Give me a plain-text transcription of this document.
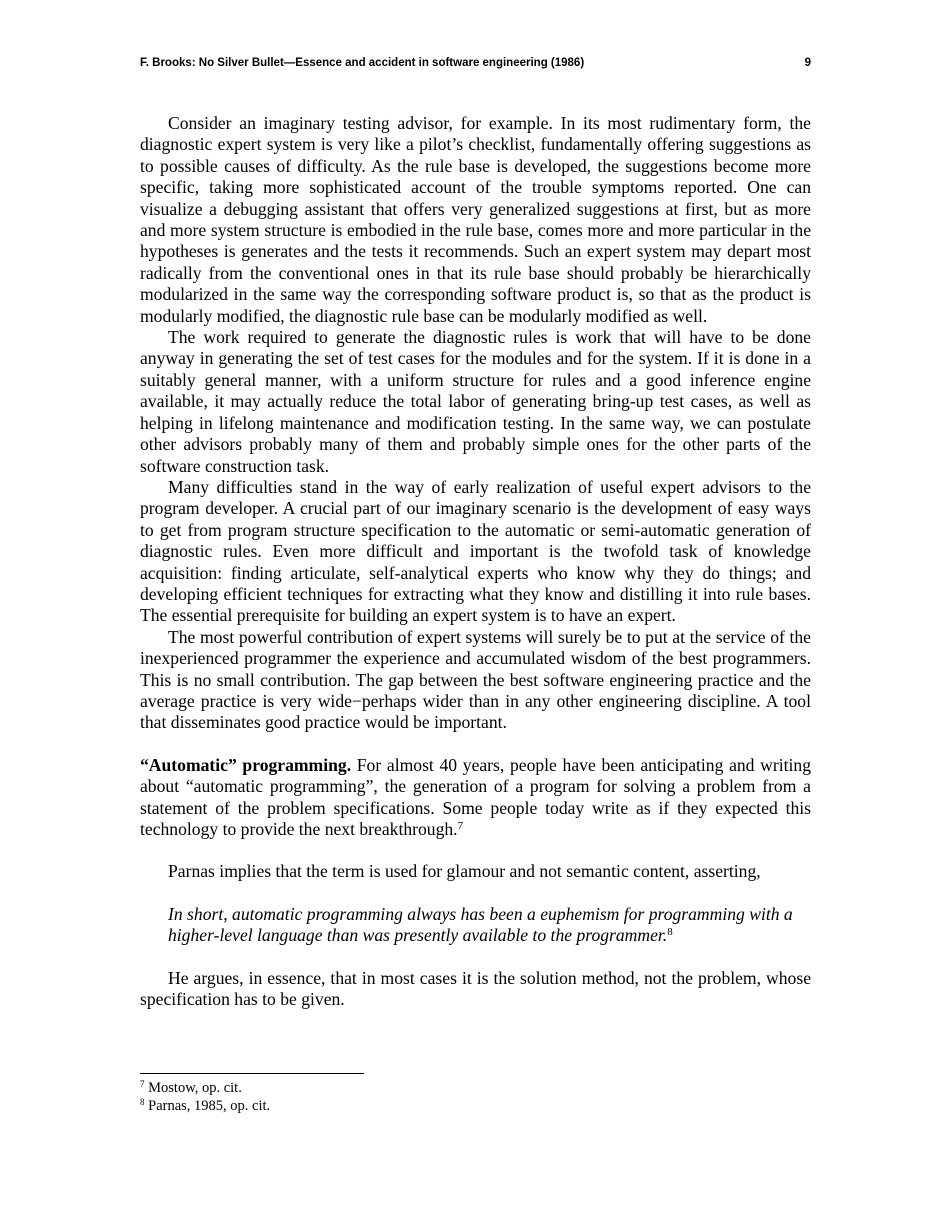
F. Brooks: No Silver Bullet—Essence and accident in software engineering (1986)	9

Consider an imaginary testing advisor, for example. In its most rudimentary form, the diagnostic expert system is very like a pilot’s checklist, fundamentally offering suggestions as to possible causes of difficulty. As the rule base is developed, the suggestions become more specific, taking more sophisticated account of the trouble symptoms reported. One can visualize a debugging assistant that offers very generalized suggestions at first, but as more and more system structure is embodied in the rule base, comes more and more particular in the hypotheses is generates and the tests it recommends. Such an expert system may depart most radically from the conventional ones in that its rule base should probably be hierarchically modularized in the same way the corresponding software product is, so that as the product is modularly modified, the diagnostic rule base can be modularly modified as well.

The work required to generate the diagnostic rules is work that will have to be done anyway in generating the set of test cases for the modules and for the system. If it is done in a suitably general manner, with a uniform structure for rules and a good inference engine available, it may actually reduce the total labor of generating bring-up test cases, as well as helping in lifelong maintenance and modification testing. In the same way, we can postulate other advisors probably many of them and probably simple ones for the other parts of the software construction task.

Many difficulties stand in the way of early realization of useful expert advisors to the program developer. A crucial part of our imaginary scenario is the development of easy ways to get from program structure specification to the automatic or semi-automatic generation of diagnostic rules. Even more difficult and important is the twofold task of knowledge acquisition: finding articulate, self-analytical experts who know why they do things; and developing efficient techniques for extracting what they know and distilling it into rule bases. The essential prerequisite for building an expert system is to have an expert.

The most powerful contribution of expert systems will surely be to put at the service of the inexperienced programmer the experience and accumulated wisdom of the best programmers. This is no small contribution. The gap between the best software engineering practice and the average practice is very wide−perhaps wider than in any other engineering discipline. A tool that disseminates good practice would be important.

“Automatic” programming. For almost 40 years, people have been anticipating and writing about “automatic programming”, the generation of a program for solving a problem from a statement of the problem specifications. Some people today write as if they expected this technology to provide the next breakthrough.$^7$

Parnas implies that the term is used for glamour and not semantic content, asserting,

In short, automatic programming always has been a euphemism for programming with a higher-level language than was presently available to the programmer.$^8$

He argues, in essence, that in most cases it is the solution method, not the problem, whose specification has to be given.

$^7$ Mostow, op. cit.
$^8$ Parnas, 1985, op. cit.
